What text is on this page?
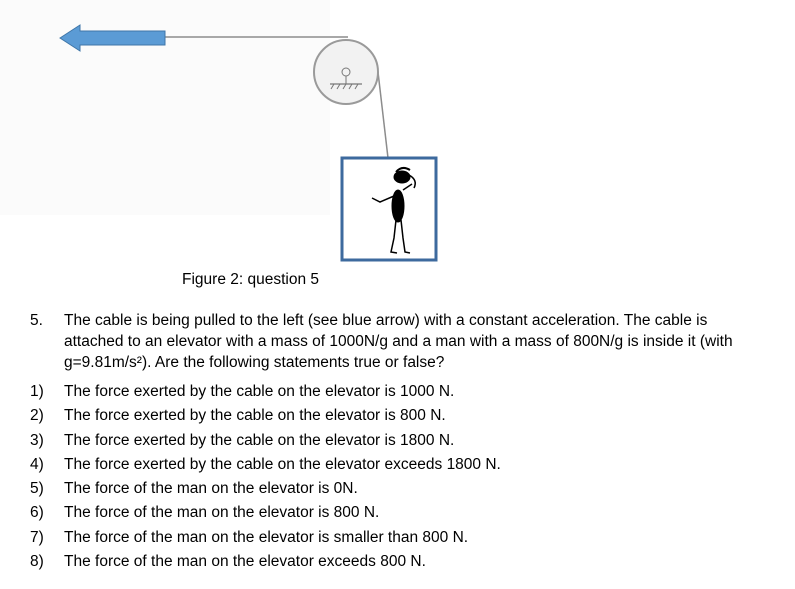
Figure 2: question 5
5. The cable is being pulled to the left (see blue arrow) with a constant acceleration. The cable is attached to an elevator with a mass of 1000N/g and a man with a mass of 800N/g is inside it (with g=9.81m/s²). Are the following statements true or false?
1) The force exerted by the cable on the elevator is 1000 N.
2) The force exerted by the cable on the elevator is 800 N.
3) The force exerted by the cable on the elevator is 1800 N.
4) The force exerted by the cable on the elevator exceeds 1800 N.
5) The force of the man on the elevator is 0N.
6) The force of the man on the elevator is 800 N.
7) The force of the man on the elevator is smaller than 800 N.
8) The force of the man on the elevator exceeds 800 N.
